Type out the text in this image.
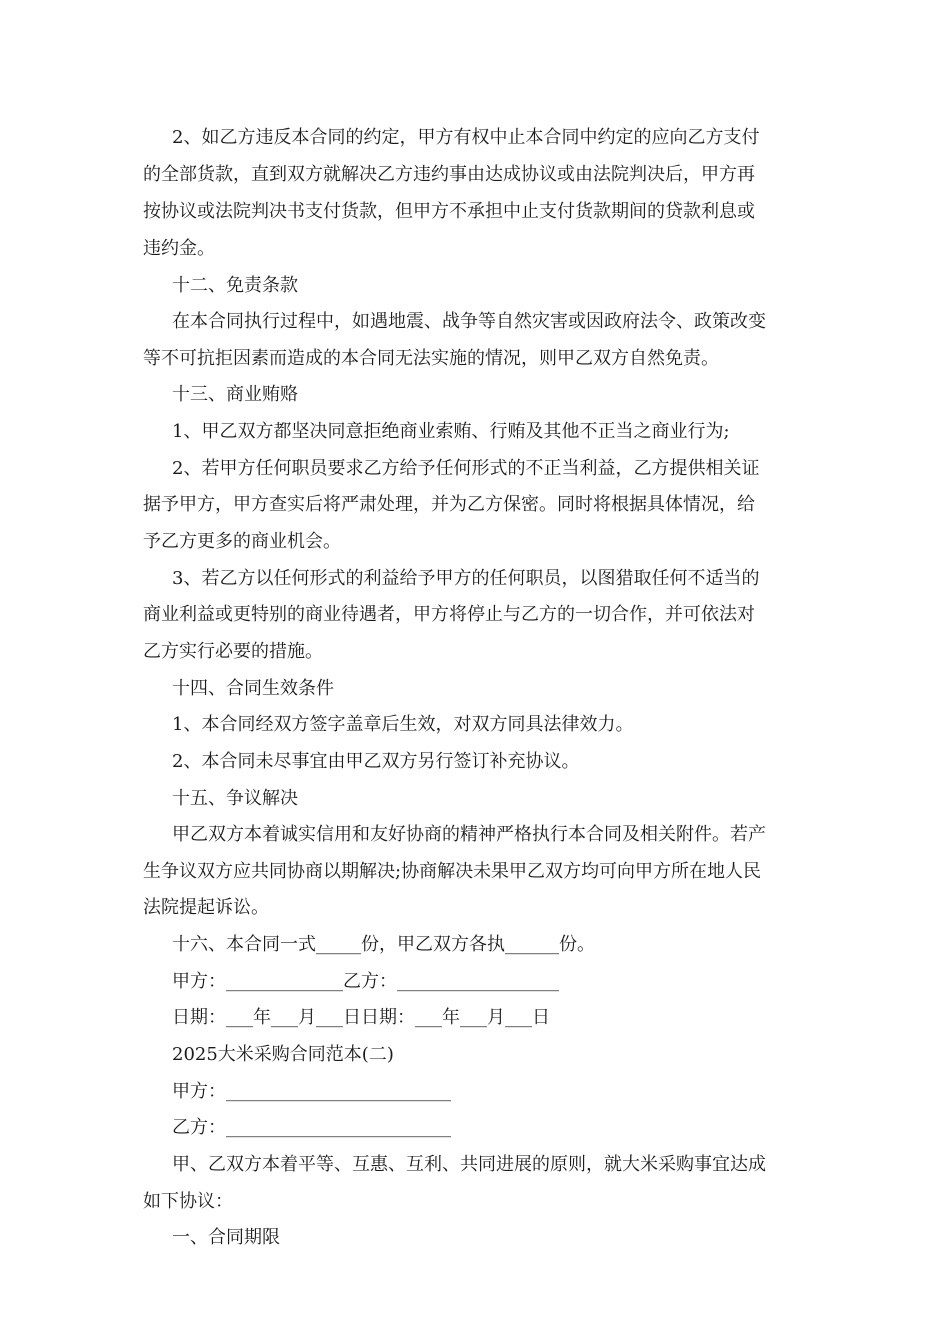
2、如乙方违反本合同的约定，甲方有权中止本合同中约定的应向乙方支付
的全部货款，直到双方就解决乙方违约事由达成协议或由法院判决后，甲方再
按协议或法院判决书支付货款，但甲方不承担中止支付货款期间的贷款利息或
违约金。
十二、免责条款
在本合同执行过程中，如遇地震、战争等自然灾害或因政府法令、政策改变
等不可抗拒因素而造成的本合同无法实施的情况，则甲乙双方自然免责。
十三、商业贿赂
1、甲乙双方都坚决同意拒绝商业索贿、行贿及其他不正当之商业行为;
2、若甲方任何职员要求乙方给予任何形式的不正当利益，乙方提供相关证
据予甲方，甲方查实后将严肃处理，并为乙方保密。同时将根据具体情况，给
予乙方更多的商业机会。
3、若乙方以任何形式的利益给予甲方的任何职员，以图猎取任何不适当的
商业利益或更特别的商业待遇者，甲方将停止与乙方的一切合作，并可依法对
乙方实行必要的措施。
十四、合同生效条件
1、本合同经双方签字盖章后生效，对双方同具法律效力。
2、本合同未尽事宜由甲乙双方另行签订补充协议。
十五、争议解决
甲乙双方本着诚实信用和友好协商的精神严格执行本合同及相关附件。若产
生争议双方应共同协商以期解决;协商解决未果甲乙双方均可向甲方所在地人民
法院提起诉讼。
十六、本合同一式_____份，甲乙双方各执______份。
甲方：_____________乙方：__________________
日期：___年___月___日日期：___年___月___日
2025大米采购合同范本(二)
甲方：_________________________
乙方：_________________________
甲、乙双方本着平等、互惠、互利、共同进展的原则，就大米采购事宜达成
如下协议：
一、合同期限
